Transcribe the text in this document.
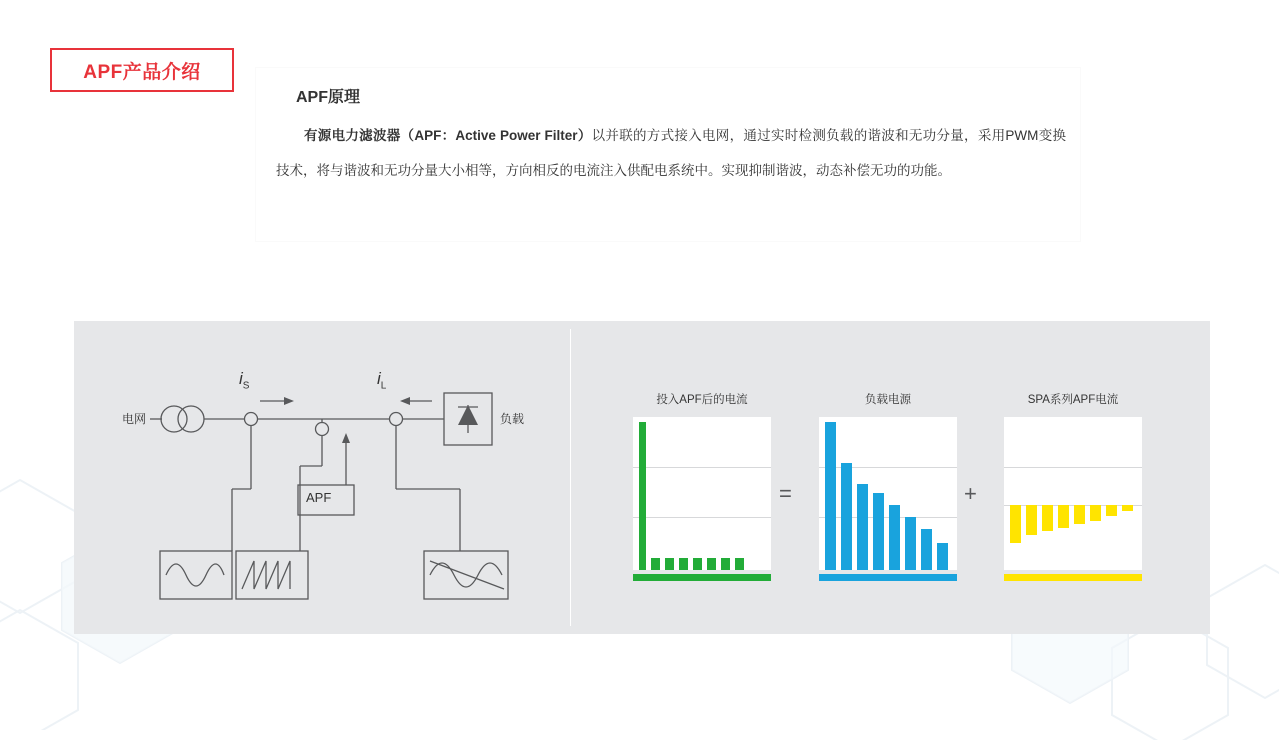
APF产品介绍
APF原理
有源电力滤波器（APF：Active Power Filter）以并联的方式接入电网，通过实时检测负载的谐波和无功分量，采用PWM变换技术，将与谐波和无功分量大小相等，方向相反的电流注入供配电系统中。实现抑制谐波，动态补偿无功的功能。
电网	负载
APF
$i_S$	$i_L$
投入APF后的电流	负载电源	SPA系列APF电流
=	+
